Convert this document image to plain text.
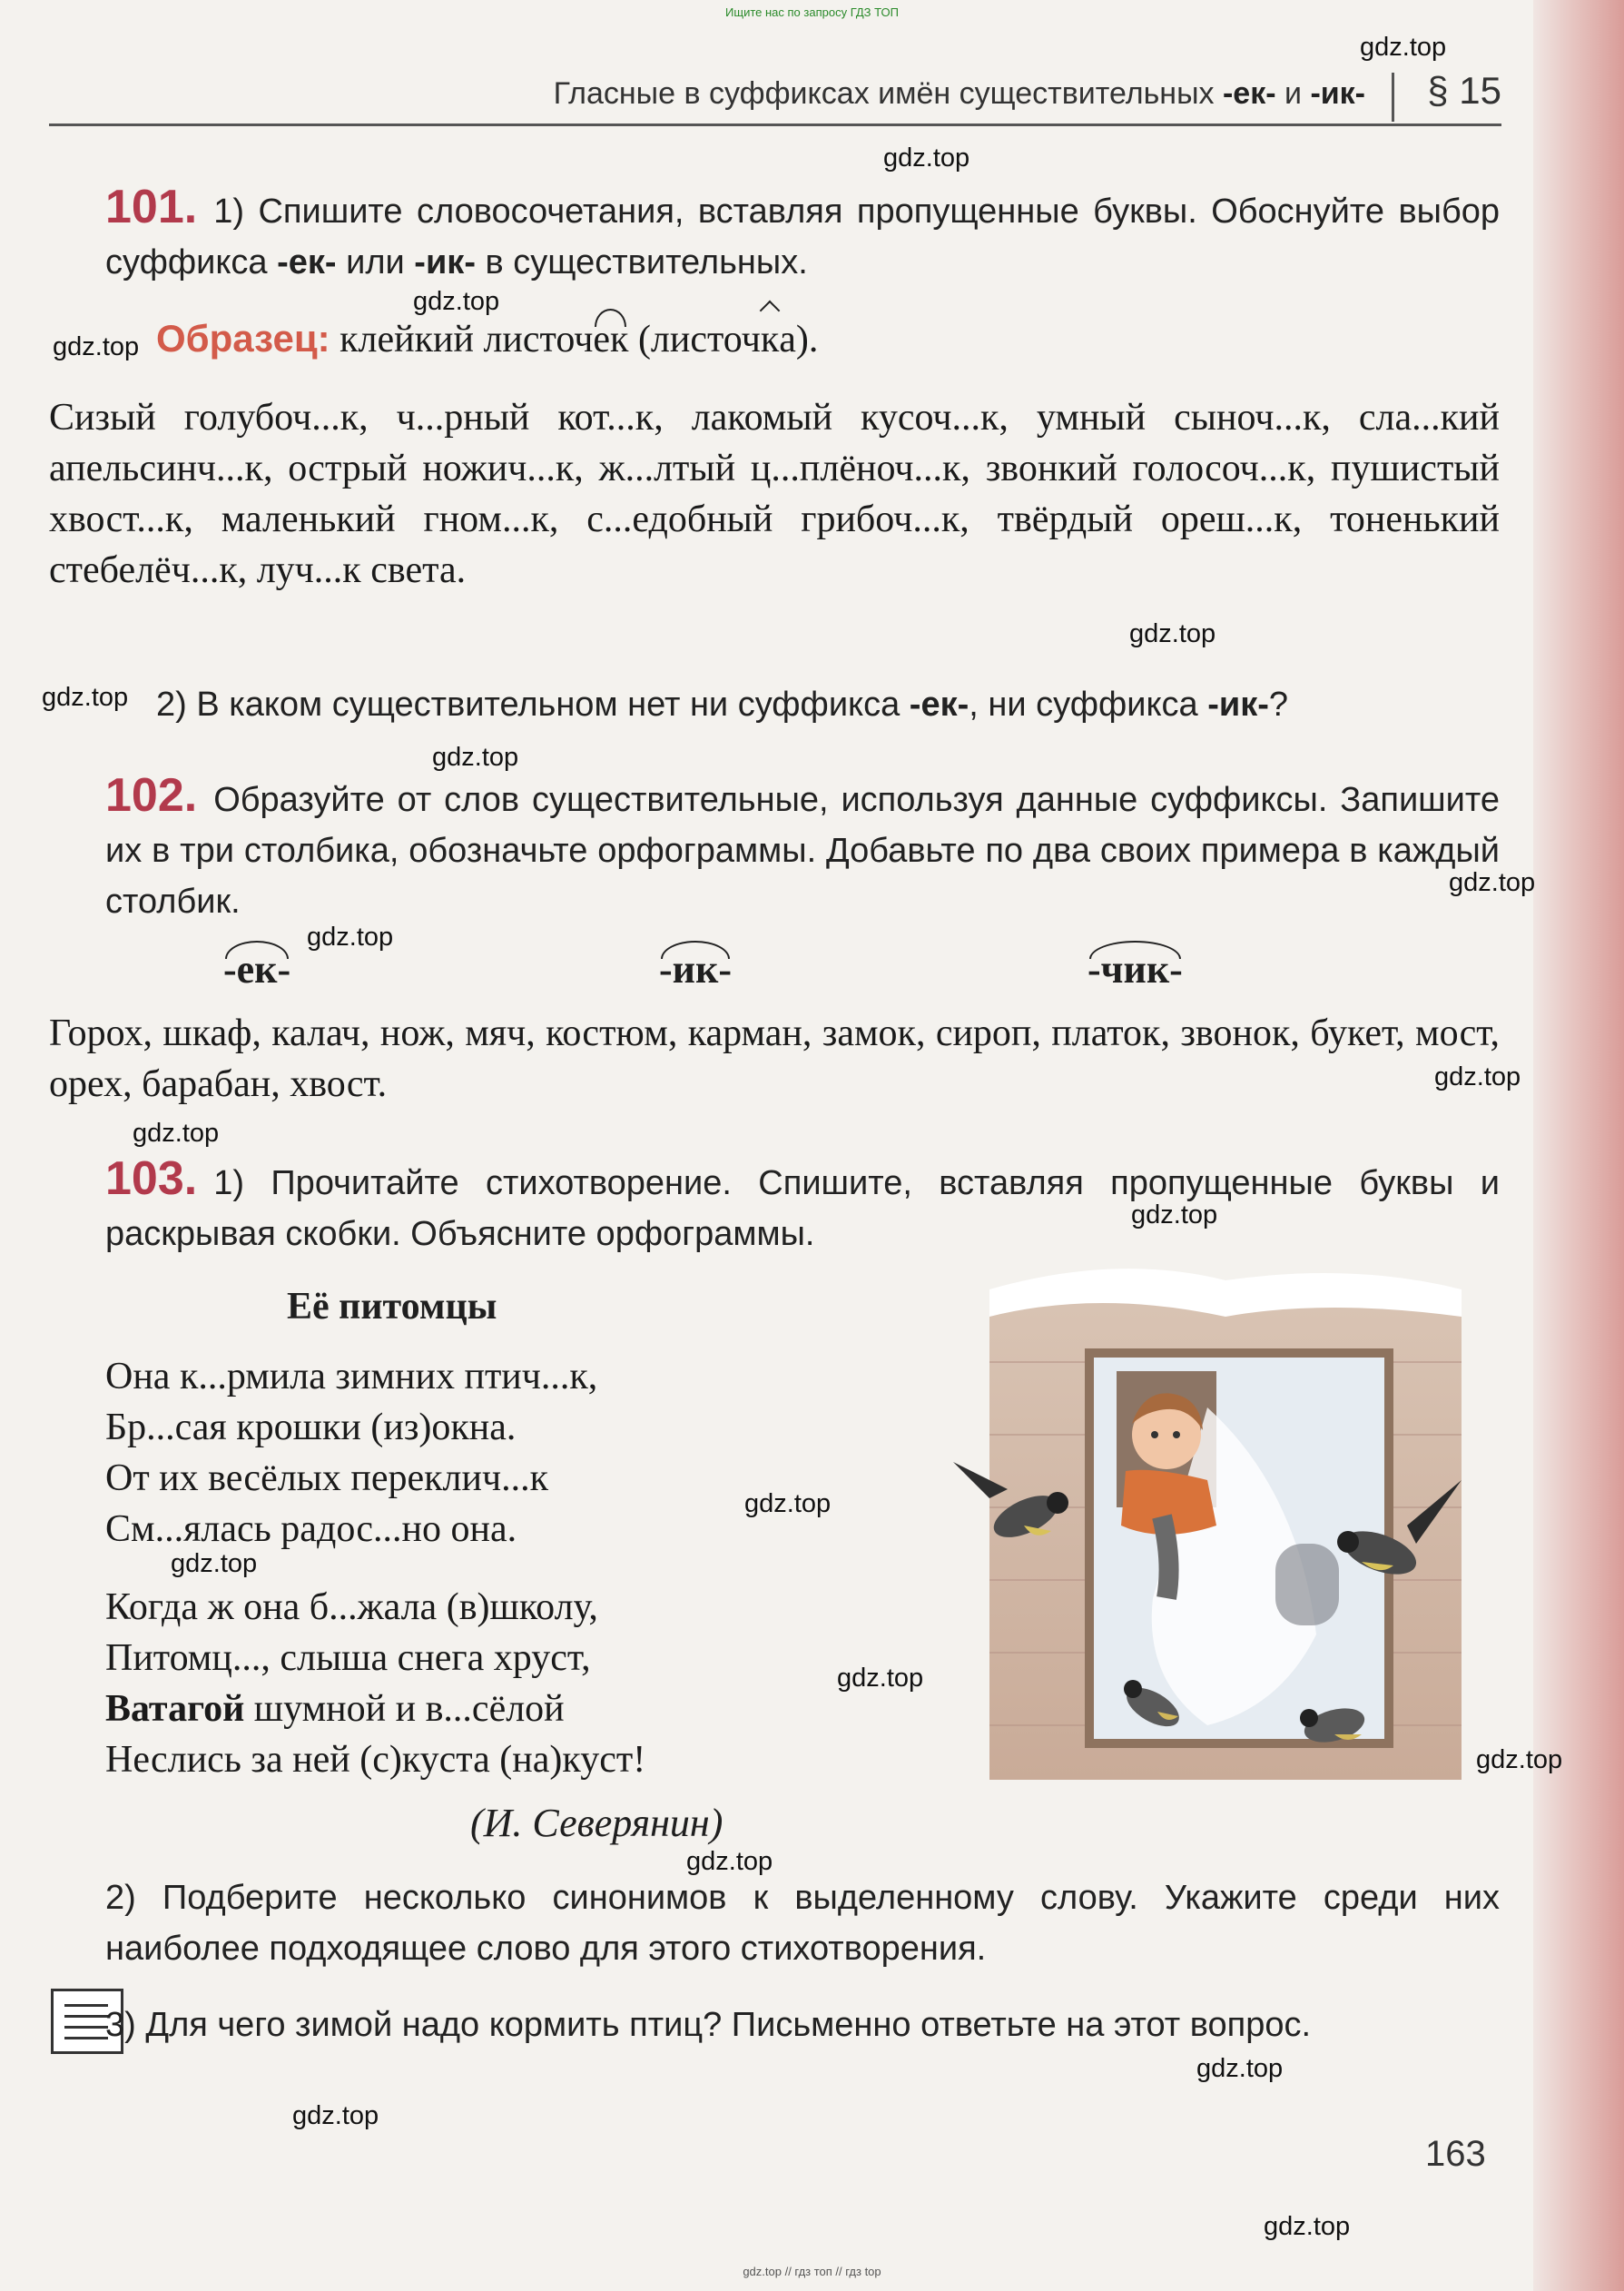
Ищите нас по запросу ГДЗ ТОП
Гласные в суффиксах имён существительных -ек- и -ик- § 15
101. 1) Спишите словосочетания, вставляя пропущенные буквы. Обоснуйте выбор суффикса -ек- или -ик- в существительных.
Образец: клейкий листочек (листочка).
Сизый голубоч...к, ч...рный кот...к, лакомый кусоч...к, умный сыноч...к, сла...кий апельсинч...к, острый ножич...к, ж...лтый ц...плёноч...к, звонкий голосоч...к, пушистый хвост...к, маленький гном...к, с...едобный грибоч...к, твёрдый ореш...к, тоненький стебелёч...к, луч...к света.
2) В каком существительном нет ни суффикса -ек-, ни суффикса -ик-?
102. Образуйте от слов существительные, используя данные суффиксы. Запишите их в три столбика, обозначьте орфограммы. Добавьте по два своих примера в каждый столбик.
-ек-	-ик-	-чик-
Горох, шкаф, калач, нож, мяч, костюм, карман, замок, сироп, платок, звонок, букет, мост, орех, барабан, хвост.
103. 1) Прочитайте стихотворение. Спишите, вставляя пропущенные буквы и раскрывая скобки. Объясните орфограммы.
Её питомцы
Она к...рмила зимних птич...к,
Бр...сая крошки (из)окна.
От их весёлых переклич...к
См...ялась радос...но она.
Когда ж она б...жала (в)школу,
Питомц..., слыша снега хруст,
Ватагой шумной и в...сёлой
Неслись за ней (с)куста (на)куст!
(И. Северянин)
2) Подберите несколько синонимов к выделенному слову. Укажите среди них наиболее подходящее слово для этого стихотворения.
3) Для чего зимой надо кормить птиц? Письменно ответьте на этот вопрос.
163
gdz.top
gdz.top
gdz.top
gdz.top
gdz.top
gdz.top
gdz.top
gdz.top
gdz.top
gdz.top
gdz.top
gdz.top
gdz.top
gdz.top
gdz.top
gdz.top
gdz.top
gdz.top
gdz.top
gdz.top
gdz.top // гдз топ // гдз top
